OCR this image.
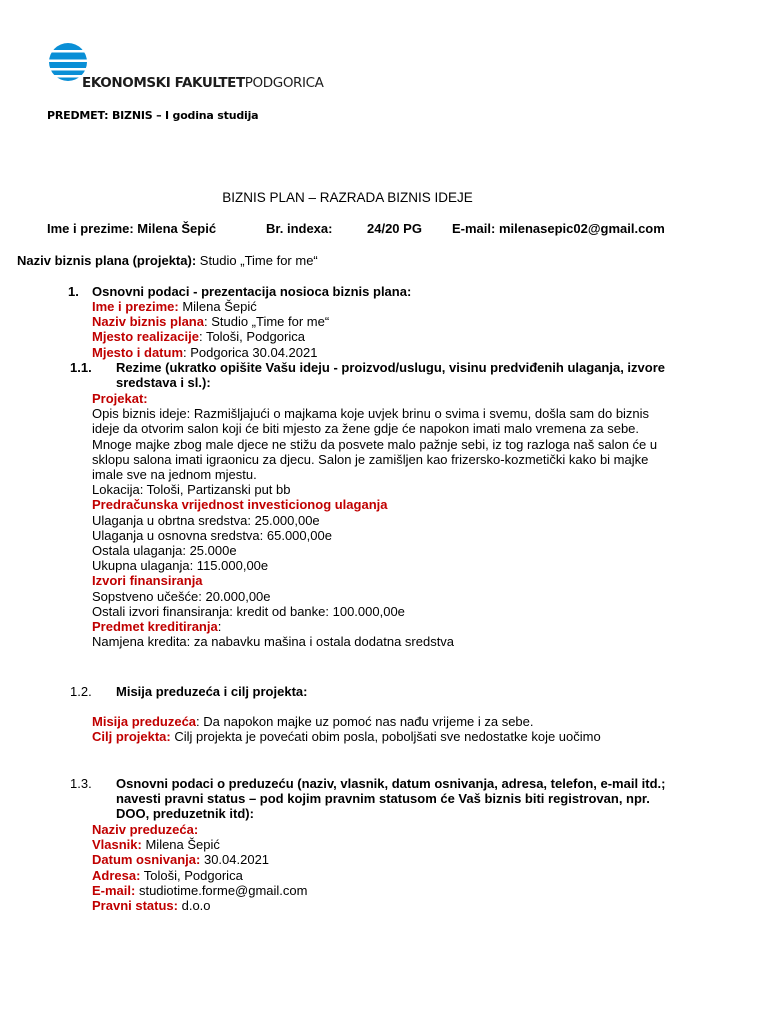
EKONOMSKI FAKULTETPODGORICA
PREDMET: BIZNIS – I godina studija
BIZNIS PLAN – RAZRADA BIZNIS IDEJE
Ime i prezime: Milena Šepić	Br. indexa:	24/20 PG E-mail: milenasepic02@gmail.com
Naziv biznis plana (projekta): Studio „Time for me“
1. Osnovni podaci - prezentacija nosioca biznis plana:
Ime i prezime: Milena Šepić
Naziv biznis plana: Studio „Time for me“
Mjesto realizacije: Tološi, Podgorica
Mjesto i datum: Podgorica 30.04.2021
1.1. Rezime (ukratko opišite Vašu ideju - proizvod/uslugu, visinu predviđenih ulaganja, izvore
sredstava i sl.):
Projekat:
Opis biznis ideje: Razmišljajući o majkama koje uvjek brinu o svima i svemu, došla sam do biznis
ideje da otvorim salon koji će biti mjesto za žene gdje će napokon imati malo vremena za sebe.
Mnoge majke zbog male djece ne stižu da posvete malo pažnje sebi, iz tog razloga naš salon će u
sklopu salona imati igraonicu za djecu. Salon je zamišljen kao frizersko-kozmetički kako bi majke
imale sve na jednom mjestu.
Lokacija: Tološi, Partizanski put bb
Predračunska vrijednost investicionog ulaganja
Ulaganja u obrtna sredstva: 25.000,00e
Ulaganja u osnovna sredstva: 65.000,00e
Ostala ulaganja: 25.000e
Ukupna ulaganja: 115.000,00e
Izvori finansiranja
Sopstveno učešće: 20.000,00e
Ostali izvori finansiranja: kredit od banke: 100.000,00e
Predmet kreditiranja:
Namjena kredita: za nabavku mašina i ostala dodatna sredstva
1.2. Misija preduzeća i cilj projekta:
Misija preduzeća: Da napokon majke uz pomoć nas nađu vrijeme i za sebe.
Cilj projekta: Cilj projekta je povećati obim posla, poboljšati sve nedostatke koje uočimo
1.3. Osnovni podaci o preduzeću (naziv, vlasnik, datum osnivanja, adresa, telefon, e-mail itd.;
navesti pravni status – pod kojim pravnim statusom će Vaš biznis biti registrovan, npr.
DOO, preduzetnik itd):
Naziv preduzeća:
Vlasnik: Milena Šepić
Datum osnivanja: 30.04.2021
Adresa: Tološi, Podgorica
E-mail: studiotime.forme@gmail.com
Pravni status: d.o.o
